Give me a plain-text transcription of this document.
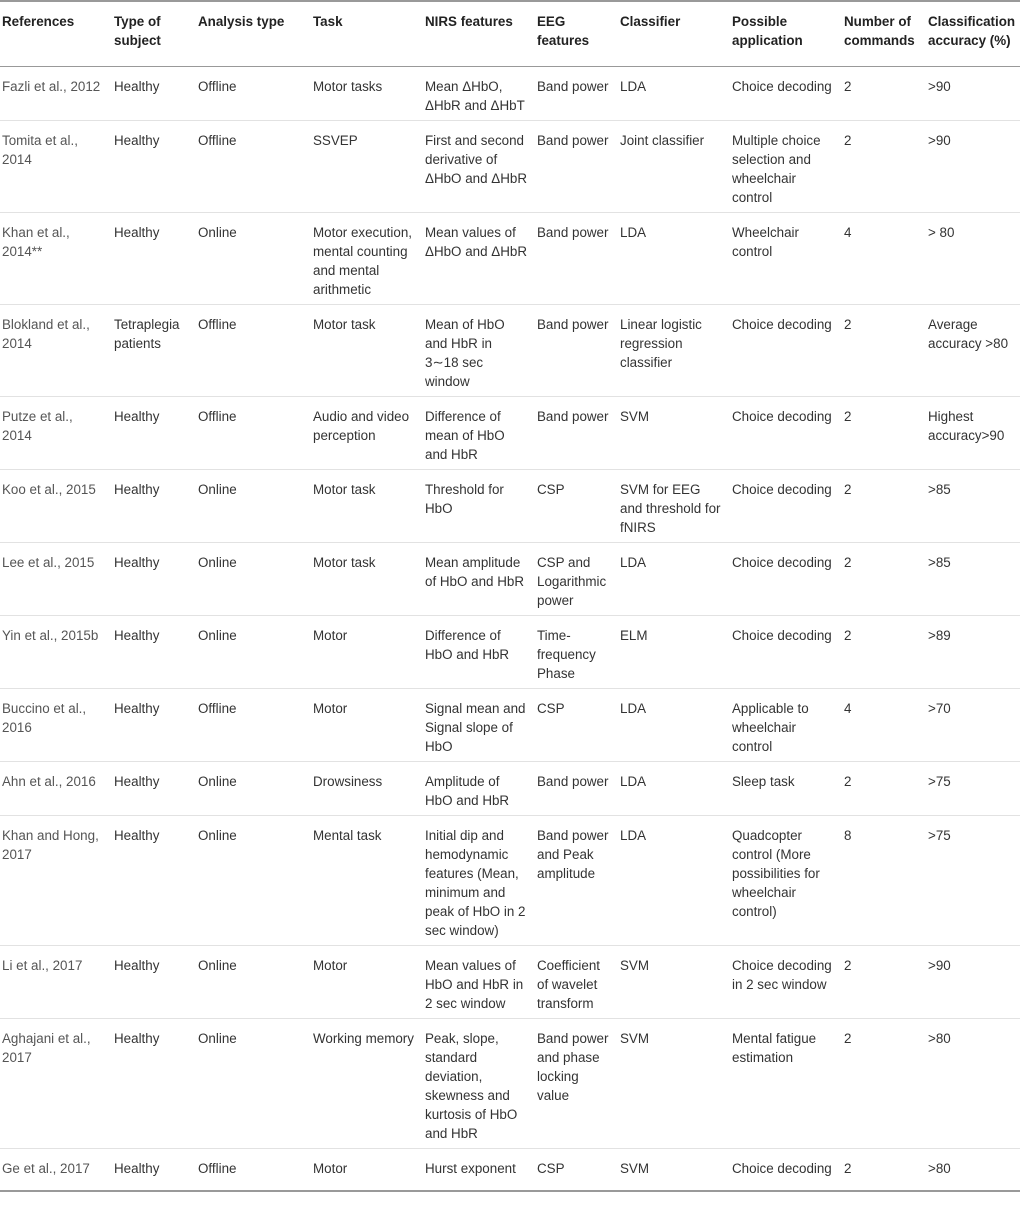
References	Type of subject	Analysis type	Task	NIRS features	EEG features	Classifier	Possible application	Number of commands	Classification accuracy (%)
Fazli et al., 2012	Healthy	Offline	Motor tasks	Mean ΔHbO, ΔHbR and ΔHbT	Band power	LDA	Choice decoding	2	>90
Tomita et al., 2014	Healthy	Offline	SSVEP	First and second derivative of ΔHbO and ΔHbR	Band power	Joint classifier	Multiple choice selection and wheelchair control	2	>90
Khan et al., 2014**	Healthy	Online	Motor execution, mental counting and mental arithmetic	Mean values of ΔHbO and ΔHbR	Band power	LDA	Wheelchair control	4	> 80
Blokland et al., 2014	Tetraplegia patients	Offline	Motor task	Mean of HbO and HbR in 3∼18 sec window	Band power	Linear logistic regression classifier	Choice decoding	2	Average accuracy >80
Putze et al., 2014	Healthy	Offline	Audio and video perception	Difference of mean of HbO and HbR	Band power	SVM	Choice decoding	2	Highest accuracy>90
Koo et al., 2015	Healthy	Online	Motor task	Threshold for HbO	CSP	SVM for EEG and threshold for fNIRS	Choice decoding	2	>85
Lee et al., 2015	Healthy	Online	Motor task	Mean amplitude of HbO and HbR	CSP and Logarithmic power	LDA	Choice decoding	2	>85
Yin et al., 2015b	Healthy	Online	Motor	Difference of HbO and HbR	Time-frequency Phase	ELM	Choice decoding	2	>89
Buccino et al., 2016	Healthy	Offline	Motor	Signal mean and Signal slope of HbO	CSP	LDA	Applicable to wheelchair control	4	>70
Ahn et al., 2016	Healthy	Online	Drowsiness	Amplitude of HbO and HbR	Band power	LDA	Sleep task	2	>75
Khan and Hong, 2017	Healthy	Online	Mental task	Initial dip and hemodynamic features (Mean, minimum and peak of HbO in 2 sec window)	Band power and Peak amplitude	LDA	Quadcopter control (More possibilities for wheelchair control)	8	>75
Li et al., 2017	Healthy	Online	Motor	Mean values of HbO and HbR in 2 sec window	Coefficient of wavelet transform	SVM	Choice decoding in 2 sec window	2	>90
Aghajani et al., 2017	Healthy	Online	Working memory	Peak, slope, standard deviation, skewness and kurtosis of HbO and HbR	Band power and phase locking value	SVM	Mental fatigue estimation	2	>80
Ge et al., 2017	Healthy	Offline	Motor	Hurst exponent	CSP	SVM	Choice decoding	2	>80
